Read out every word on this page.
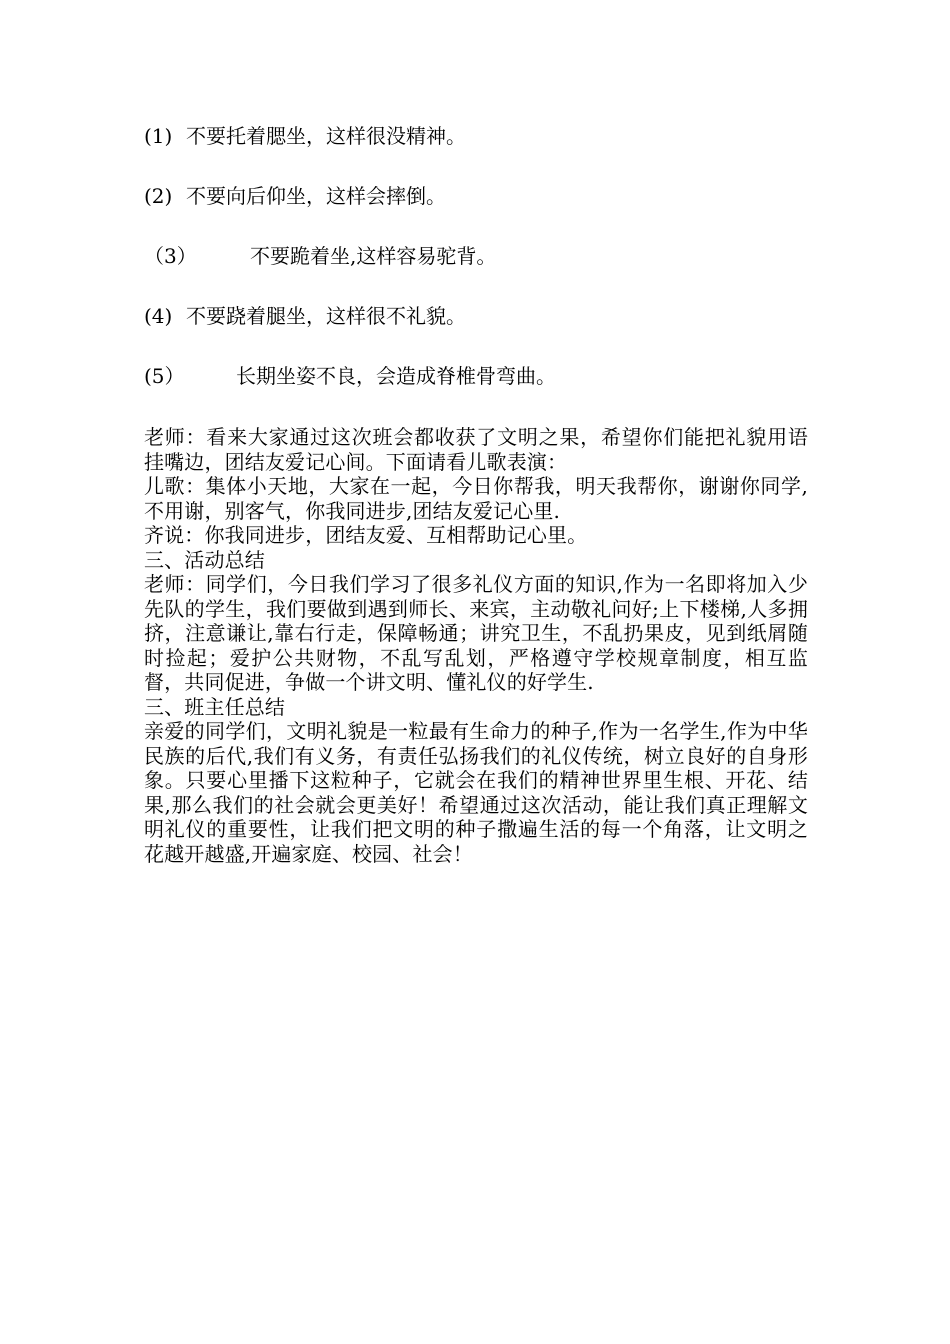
(1) 不要托着腮坐，这样很没精神。
(2) 不要向后仰坐，这样会摔倒。
（3）	不要跪着坐,这样容易驼背。
(4) 不要跷着腿坐，这样很不礼貌。
(5）	长期坐姿不良，会造成脊椎骨弯曲。

老师：看来大家通过这次班会都收获了文明之果，希望你们能把礼貌用语挂嘴边，团结友爱记心间。下面请看儿歌表演：

儿歌：集体小天地，大家在一起，今日你帮我，明天我帮你，谢谢你同学,不用谢，别客气，你我同进步,团结友爱记心里.

齐说：你我同进步，团结友爱、互相帮助记心里。

三、活动总结

老师：同学们，今日我们学习了很多礼仪方面的知识,作为一名即将加入少先队的学生，我们要做到遇到师长、来宾，主动敬礼问好;上下楼梯,人多拥挤，注意谦让,靠右行走，保障畅通；讲究卫生，不乱扔果皮，见到纸屑随时捡起；爱护公共财物，不乱写乱划，严格遵守学校规章制度，相互监督，共同促进，争做一个讲文明、懂礼仪的好学生.

三、班主任总结

亲爱的同学们，文明礼貌是一粒最有生命力的种子,作为一名学生,作为中华民族的后代,我们有义务，有责任弘扬我们的礼仪传统，树立良好的自身形象。只要心里播下这粒种子，它就会在我们的精神世界里生根、开花、结果,那么我们的社会就会更美好！希望通过这次活动，能让我们真正理解文明礼仪的重要性，让我们把文明的种子撒遍生活的每一个角落，让文明之花越开越盛,开遍家庭、校园、社会！
